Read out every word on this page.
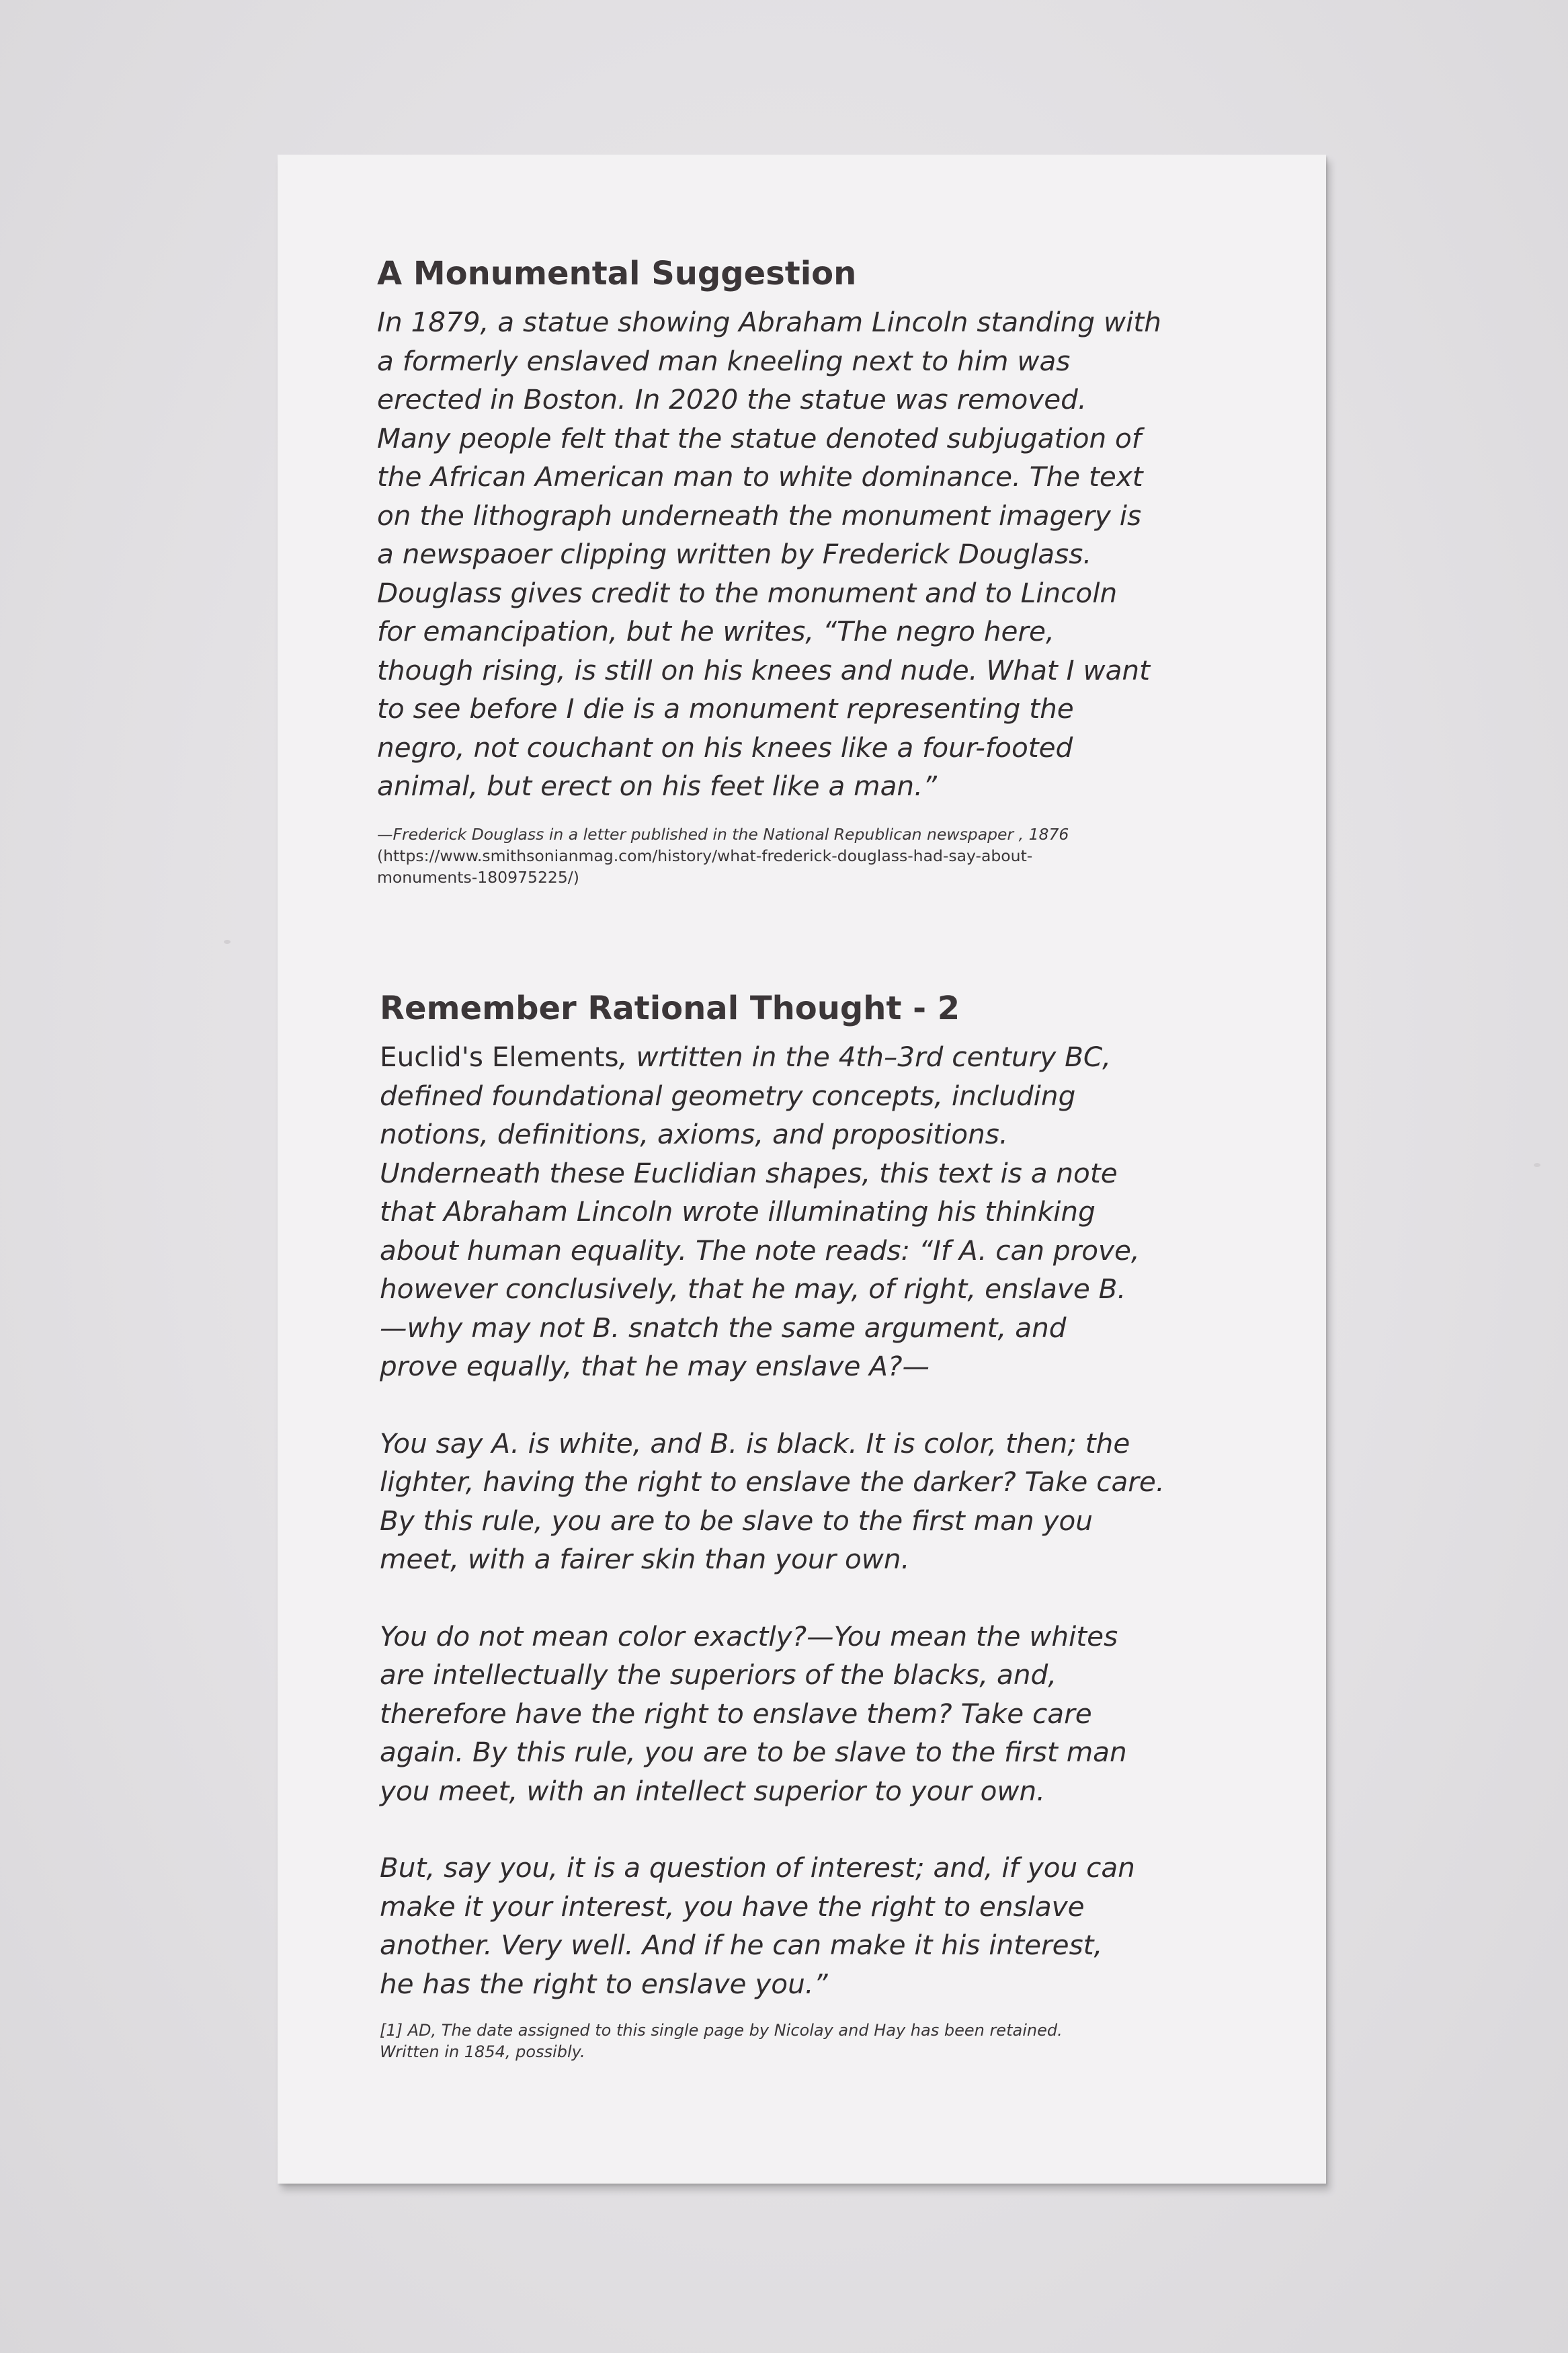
A Monumental Suggestion

In 1879, a statue showing Abraham Lincoln standing with
a formerly enslaved man kneeling next to him was
erected in Boston. In 2020 the statue was removed.
Many people felt that the statue denoted subjugation of
the African American man to white dominance. The text
on the lithograph underneath the monument imagery is
a newspaoer clipping written by Frederick Douglass.
Douglass gives credit to the monument and to Lincoln
for emancipation, but he writes, “The negro here,
though rising, is still on his knees and nude. What I want
to see before I die is a monument representing the
negro, not couchant on his knees like a four-footed
animal, but erect on his feet like a man.”

—Frederick Douglass in a letter published in the National Republican newspaper , 1876
(https://www.smithsonianmag.com/history/what-frederick-douglass-had-say-about-
monuments-180975225/)

Remember Rational Thought - 2

Euclid's Elements, wrtitten in the 4th–3rd century BC,
defined foundational geometry concepts, including
notions, definitions, axioms, and propositions.
Underneath these Euclidian shapes, this text is a note
that Abraham Lincoln wrote illuminating his thinking
about human equality. The note reads: “If A. can prove,
however conclusively, that he may, of right, enslave B.
—why may not B. snatch the same argument, and
prove equally, that he may enslave A?—

You say A. is white, and B. is black. It is color, then; the
lighter, having the right to enslave the darker? Take care.
By this rule, you are to be slave to the first man you
meet, with a fairer skin than your own.

You do not mean color exactly?—You mean the whites
are intellectually the superiors of the blacks, and,
therefore have the right to enslave them? Take care
again. By this rule, you are to be slave to the first man
you meet, with an intellect superior to your own.

But, say you, it is a question of interest; and, if you can
make it your interest, you have the right to enslave
another. Very well. And if he can make it his interest,
he has the right to enslave you.”

[1] AD, The date assigned to this single page by Nicolay and Hay has been retained.
Written in 1854, possibly.
